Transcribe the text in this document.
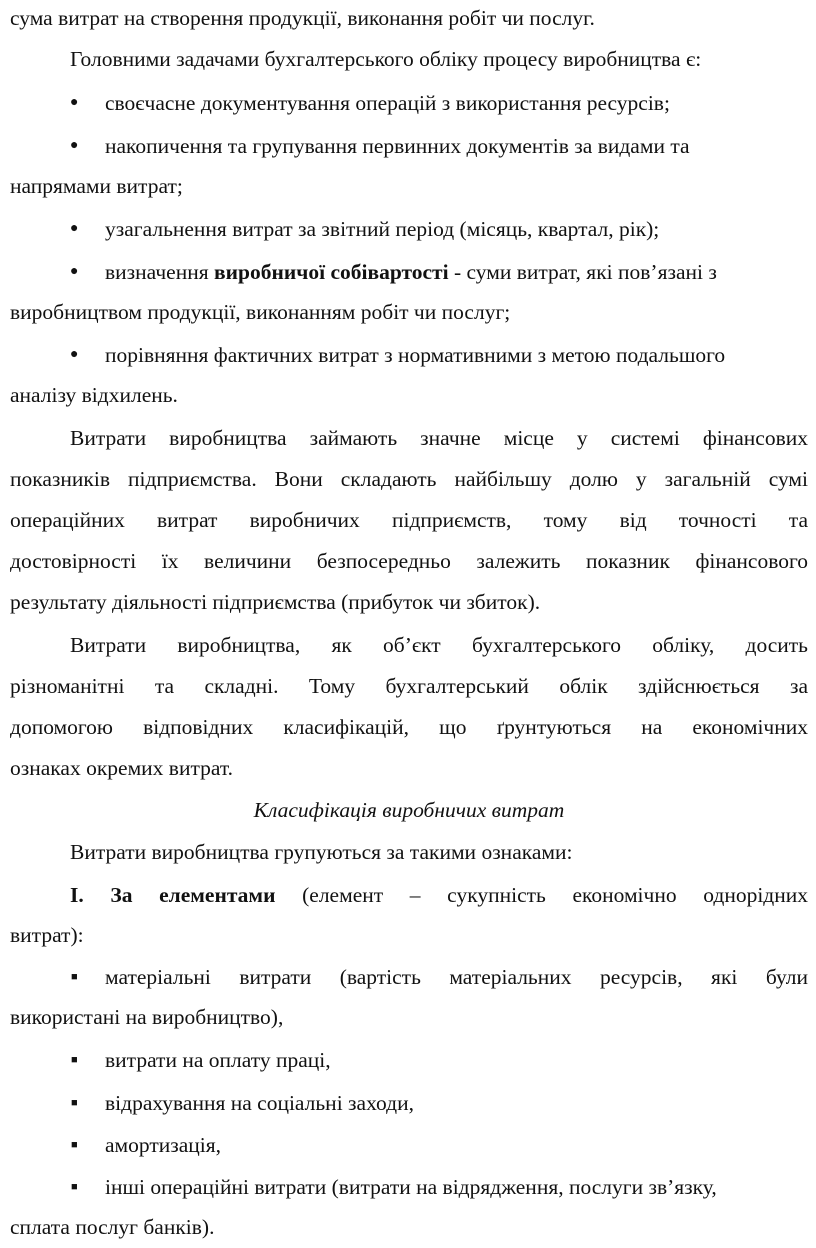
сума витрат на створення продукції, виконання робіт чи послуг.
Головними задачами бухгалтерського обліку процесу виробництва є:
● своєчасне документування операцій з використання ресурсів;
● накопичення та групування первинних документів за видами та
напрямами витрат;
● узагальнення витрат за звітний період (місяць, квартал, рік);
● визначення виробничої собівартості - суми витрат, які пов’язані з
виробництвом продукції, виконанням робіт чи послуг;
● порівняння фактичних витрат з нормативними з метою подальшого
аналізу відхилень.
Витрати виробництва займають значне місце у системі фінансових
показників підприємства. Вони складають найбільшу долю у загальній сумі
операційних витрат виробничих підприємств, тому від точності та
достовірності їх величини безпосередньо залежить показник фінансового
результату діяльності підприємства (прибуток чи збиток).
Витрати виробництва, як об’єкт бухгалтерського обліку, досить
різноманітні та складні. Тому бухгалтерський облік здійснюється за
допомогою відповідних класифікацій, що ґрунтуються на економічних
ознаках окремих витрат.
Класифікація виробничих витрат
Витрати виробництва групуються за такими ознаками:
I. За елементами (елемент – сукупність економічно однорідних
витрат):
■ матеріальні витрати (вартість матеріальних ресурсів, які були
використані на виробництво),
■ витрати на оплату праці,
■ відрахування на соціальні заходи,
■ амортизація,
■ інші операційні витрати (витрати на відрядження, послуги зв’язку,
сплата послуг банків).
